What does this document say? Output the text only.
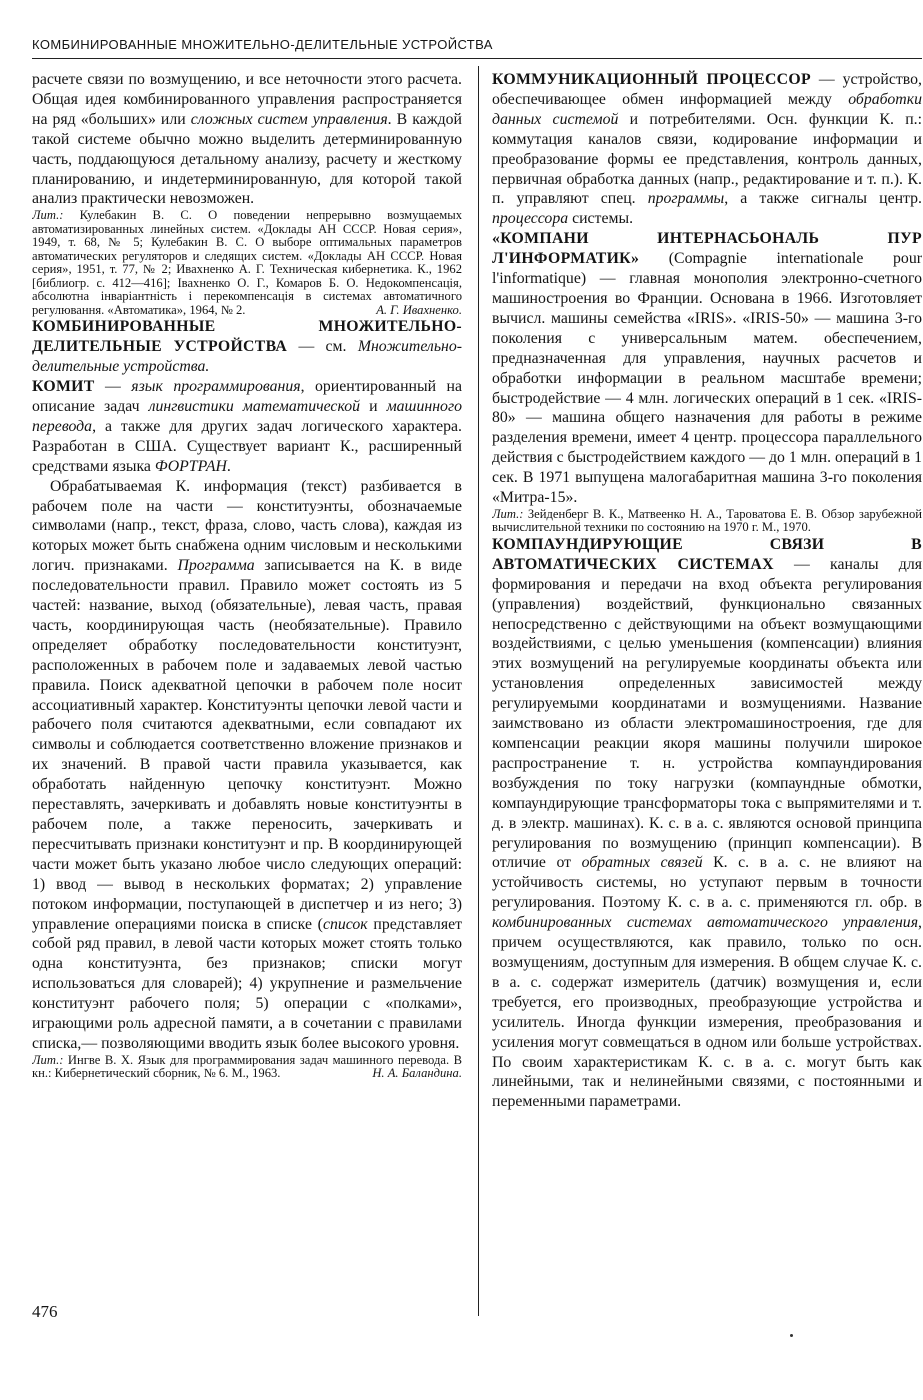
КОМБИНИРОВАННЫЕ МНОЖИТЕЛЬНО-ДЕЛИТЕЛЬНЫЕ УСТРОЙСТВА

расчете связи по возмущению, и все неточности этого расчета. Общая идея комбинированного управления распространяется на ряд «больших» или сложных систем управления. В каждой такой системе обычно можно выделить детерминированную часть, поддающуюся детальному анализу, расчету и жесткому планированию, и индетерминированную, для которой такой анализ практически невозможен.

Лит.: Кулебакин В. С. О поведении непрерывно возмущаемых автоматизированных линейных систем. «Доклады АН СССР. Новая серия», 1949, т. 68, № 5; Кулебакин В. С. О выборе оптимальных параметров автоматических регуляторов и следящих систем. «Доклады АН СССР. Новая серия», 1951, т. 77, № 2; Ивахненко А. Г. Техническая кибернетика. К., 1962 [библиогр. с. 412—416]; Івахненко О. Г., Комаров Б. О. Недокомпенсація, абсолютна інваріантність і перекомпенсація в системах автоматичного регулювання. «Автоматика», 1964, № 2.	А. Г. Ивахненко.

КОМБИНИРОВАННЫЕ МНОЖИТЕЛЬНО-ДЕЛИТЕЛЬНЫЕ УСТРОЙСТВА — см. Множительно-делительные устройства.

КОМИТ — язык программирования, ориентированный на описание задач лингвистики математической и машинного перевода, а также для других задач логического характера. Разработан в США. Существует вариант К., расширенный средствами языка ФОРТРАН.

Обрабатываемая К. информация (текст) разбивается в рабочем поле на части — конституэнты, обозначаемые символами (напр., текст, фраза, слово, часть слова), каждая из которых может быть снабжена одним числовым и несколькими логич. признаками. Программа записывается на К. в виде последовательности правил. Правило может состоять из 5 частей: название, выход (обязательные), левая часть, правая часть, координирующая часть (необязательные). Правило определяет обработку последовательности конституэнт, расположенных в рабочем поле и задаваемых левой частью правила. Поиск адекватной цепочки в рабочем поле носит ассоциативный характер. Конституэнты цепочки левой части и рабочего поля считаются адекватными, если совпадают их символы и соблюдается соответственно вложение признаков и их значений. В правой части правила указывается, как обработать найденную цепочку конституэнт. Можно переставлять, зачеркивать и добавлять новые конституэнты в рабочем поле, а также переносить, зачеркивать и пересчитывать признаки конституэнт и пр. В координирующей части может быть указано любое число следующих операций: 1) ввод — вывод в нескольких форматах; 2) управление потоком информации, поступающей в диспетчер и из него; 3) управление операциями поиска в списке (список представляет собой ряд правил, в левой части которых может стоять только одна конституэнта, без признаков; списки могут использоваться для словарей); 4) укрупнение и размельчение конституэнт рабочего поля; 5) операции с «полками», играющими роль адресной памяти, а в сочетании с правилами списка,— позволяющими вводить язык более высокого уровня.

Лит.: Ингве В. Х. Язык для программирования задач машинного перевода. В кн.: Кибернетический сборник, № 6. М., 1963.	Н. А. Баландина.

КОММУНИКАЦИОННЫЙ ПРОЦЕССОР — устройство, обеспечивающее обмен информацией между обработки данных системой и потребителями. Осн. функции К. п.: коммутация каналов связи, кодирование информации и преобразование формы ее представления, контроль данных, первичная обработка данных (напр., редактирование и т. п.). К. п. управляют спец. программы, а также сигналы центр. процессора системы.

«КОМПАНИ ИНТЕРНАСЬОНАЛЬ ПУР Л'ИНФОРМАТИК» (Compagnie internationale pour l'informatique) — главная монополия электронно-счетного машиностроения во Франции. Основана в 1966. Изготовляет вычисл. машины семейства «IRIS». «IRIS-50» — машина 3-го поколения с универсальным матем. обеспечением, предназначенная для управления, научных расчетов и обработки информации в реальном масштабе времени; быстродействие — 4 млн. логических операций в 1 сек. «IRIS-80» — машина общего назначения для работы в режиме разделения времени, имеет 4 центр. процессора параллельного действия с быстродействием каждого — до 1 млн. операций в 1 сек. В 1971 выпущена малогабаритная машина 3-го поколения «Митра-15».

Лит.: Зейденберг В. К., Матвеенко Н. А., Тароватова Е. В. Обзор зарубежной вычислительной техники по состоянию на 1970 г. М., 1970.

КОМПАУНДИРУЮЩИЕ СВЯЗИ В АВТОМАТИЧЕСКИХ СИСТЕМАХ — каналы для формирования и передачи на вход объекта регулирования (управления) воздействий, функционально связанных непосредственно с действующими на объект возмущающими воздействиями, с целью уменьшения (компенсации) влияния этих возмущений на регулируемые координаты объекта или установления определенных зависимостей между регулируемыми координатами и возмущениями. Название заимствовано из области электромашиностроения, где для компенсации реакции якоря машины получили широкое распространение т. н. устройства компаундирования возбуждения по току нагрузки (компаундные обмотки, компаундирующие трансформаторы тока с выпрямителями и т. д. в электр. машинах). К. с. в а. с. являются основой принципа регулирования по возмущению (принцип компенсации). В отличие от обратных связей К. с. в а. с. не влияют на устойчивость системы, но уступают первым в точности регулирования. Поэтому К. с. в а. с. применяются гл. обр. в комбинированных системах автоматического управления, причем осуществляются, как правило, только по осн. возмущениям, доступным для измерения. В общем случае К. с. в а. с. содержат измеритель (датчик) возмущения и, если требуется, его производных, преобразующие устройства и усилитель. Иногда функции измерения, преобразования и усиления могут совмещаться в одном или больше устройствах. По своим характеристикам К. с. в а. с. могут быть как линейными, так и нелинейными связями, с постоянными и переменными параметрами.

476
